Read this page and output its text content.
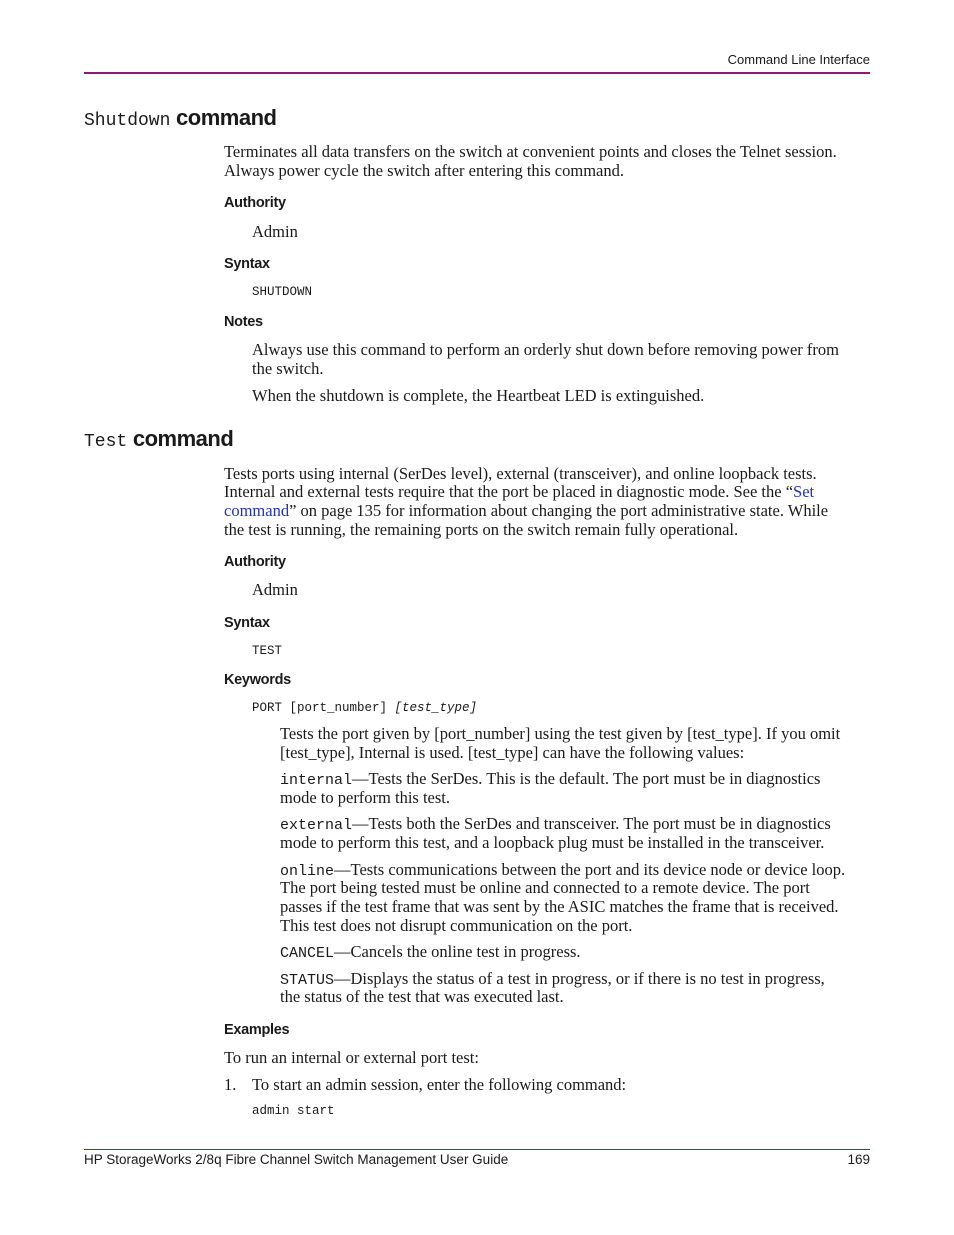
Command Line Interface
Shutdown command
Terminates all data transfers on the switch at convenient points and closes the Telnet session.
Always power cycle the switch after entering this command.
Authority
Admin
Syntax
SHUTDOWN
Notes
Always use this command to perform an orderly shut down before removing power from
the switch.
When the shutdown is complete, the Heartbeat LED is extinguished.
Test command
Tests ports using internal (SerDes level), external (transceiver), and online loopback tests.
Internal and external tests require that the port be placed in diagnostic mode. See the “Set
command” on page 135 for information about changing the port administrative state. While
the test is running, the remaining ports on the switch remain fully operational.
Authority
Admin
Syntax
TEST
Keywords
PORT [port_number] [test_type]
Tests the port given by [port_number] using the test given by [test_type]. If you omit
[test_type], Internal is used. [test_type] can have the following values:
internal—Tests the SerDes. This is the default. The port must be in diagnostics
mode to perform this test.
external—Tests both the SerDes and transceiver. The port must be in diagnostics
mode to perform this test, and a loopback plug must be installed in the transceiver.
online—Tests communications between the port and its device node or device loop.
The port being tested must be online and connected to a remote device. The port
passes if the test frame that was sent by the ASIC matches the frame that is received.
This test does not disrupt communication on the port.
CANCEL—Cancels the online test in progress.
STATUS—Displays the status of a test in progress, or if there is no test in progress,
the status of the test that was executed last.
Examples
To run an internal or external port test:
1. To start an admin session, enter the following command:
admin start
HP StorageWorks 2/8q Fibre Channel Switch Management User Guide	169
